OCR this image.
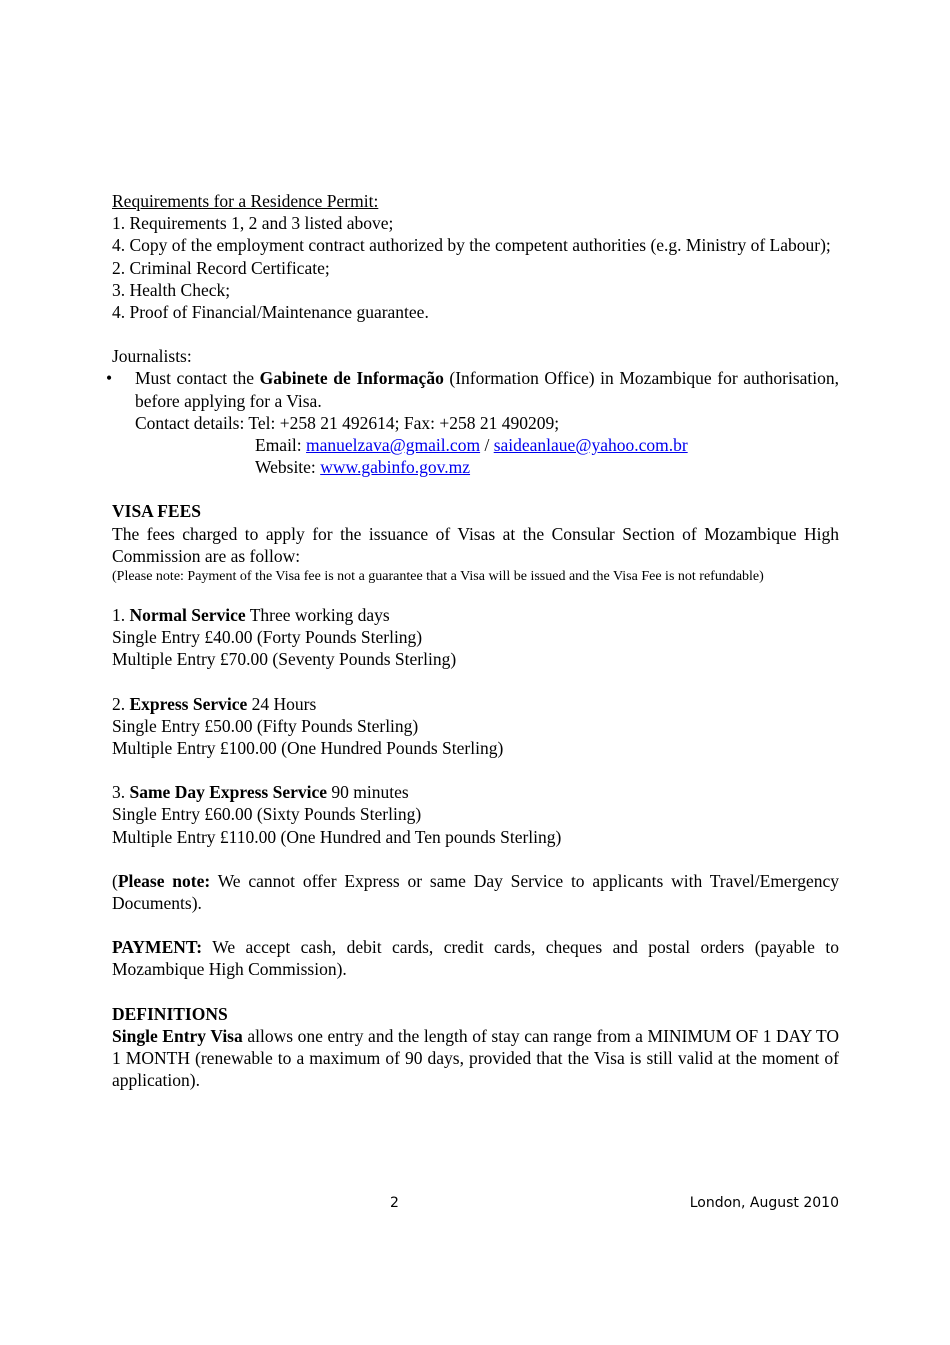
Requirements for a Residence Permit:

1. Requirements 1, 2 and 3 listed above;

4. Copy of the employment contract authorized by the competent authorities (e.g. Ministry of Labour);

2. Criminal Record Certificate;

3. Health Check;

4. Proof of Financial/Maintenance guarantee.

Journalists:

• Must contact the Gabinete de Informação (Information Office) in Mozambique for authorisation, before applying for a Visa.

Contact details: Tel: +258 21 492614; Fax: +258 21 490209;

Email: manuelzava@gmail.com / saideanlaue@yahoo.com.br

Website: www.gabinfo.gov.mz

VISA FEES

The fees charged to apply for the issuance of Visas at the Consular Section of Mozambique High Commission are as follow:

(Please note: Payment of the Visa fee is not a guarantee that a Visa will be issued and the Visa Fee is not refundable)

1. Normal Service Three working days

Single Entry £40.00 (Forty Pounds Sterling)

Multiple Entry £70.00 (Seventy Pounds Sterling)

2. Express Service 24 Hours

Single Entry £50.00 (Fifty Pounds Sterling)

Multiple Entry £100.00 (One Hundred Pounds Sterling)

3. Same Day Express Service 90 minutes

Single Entry £60.00 (Sixty Pounds Sterling)

Multiple Entry £110.00 (One Hundred and Ten pounds Sterling)

(Please note: We cannot offer Express or same Day Service to applicants with Travel/Emergency Documents).

PAYMENT: We accept cash, debit cards, credit cards, cheques and postal orders (payable to Mozambique High Commission).

DEFINITIONS

Single Entry Visa allows one entry and the length of stay can range from a MINIMUM OF 1 DAY TO 1 MONTH (renewable to a maximum of 90 days, provided that the Visa is still valid at the moment of application).

2	London, August 2010
